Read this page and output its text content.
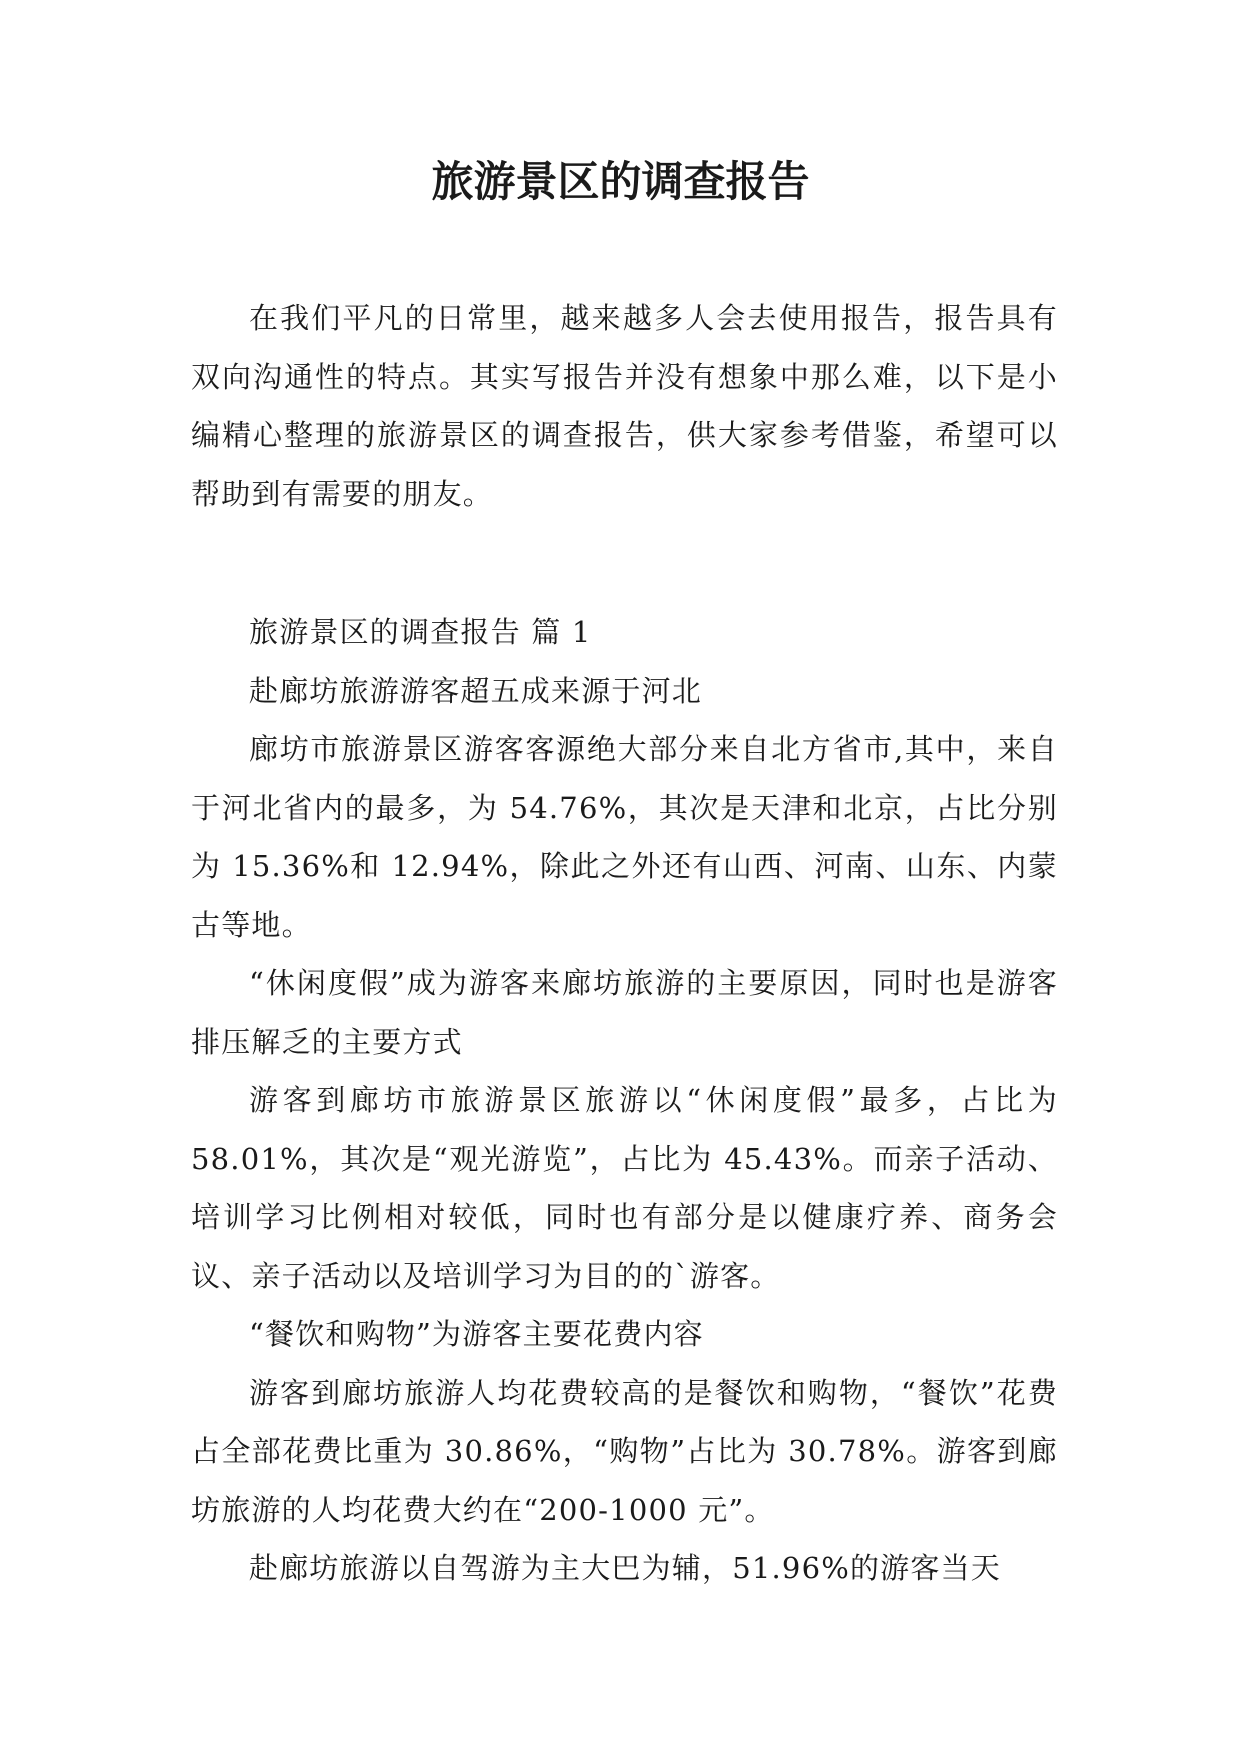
旅游景区的调查报告

在我们平凡的日常里，越来越多人会去使用报告，报告具有双向沟通性的特点。其实写报告并没有想象中那么难，以下是小编精心整理的旅游景区的调查报告，供大家参考借鉴，希望可以帮助到有需要的朋友。

旅游景区的调查报告 篇 1

赴廊坊旅游游客超五成来源于河北

廊坊市旅游景区游客客源绝大部分来自北方省市,其中，来自于河北省内的最多，为 54.76%，其次是天津和北京，占比分别为 15.36%和 12.94%，除此之外还有山西、河南、山东、内蒙古等地。

“休闲度假”成为游客来廊坊旅游的主要原因，同时也是游客排压解乏的主要方式

游客到廊坊市旅游景区旅游以“休闲度假”最多，占比为 58.01%，其次是“观光游览”，占比为 45.43%。而亲子活动、培训学习比例相对较低，同时也有部分是以健康疗养、商务会议、亲子活动以及培训学习为目的的`游客。

“餐饮和购物”为游客主要花费内容

游客到廊坊旅游人均花费较高的是餐饮和购物，“餐饮”花费占全部花费比重为 30.86%，“购物”占比为 30.78%。游客到廊坊旅游的人均花费大约在“200-1000 元”。

赴廊坊旅游以自驾游为主大巴为辅，51.96%的游客当天
